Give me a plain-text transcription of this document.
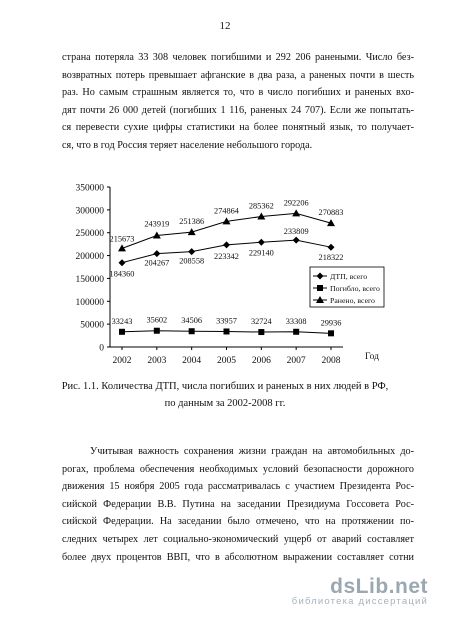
12
страна потеряла 33 308 человек погибшими и 292 206 ранеными. Число без-
возвратных потерь превышает афганские в два раза, а раненых почти в шесть
раз. Но самым страшным является то, что в число погибших и раненых вхо-
дят почти 26 000 детей (погибших 1 116, раненых 24 707). Если же попытать-
ся перевести сухие цифры статистики на более понятный язык, то получает-
ся, что в год Россия теряет население небольшого города.
0
50000
100000
150000
200000
250000
300000
350000
2002 2003 2004 2005 2006 2007 2008	Год
184360
204267 208558
223342 229140
233809
218322
33243 35602 34506 33957 32724 33308 29936
215673
243919 251386
274864
285362 292206
270883
ДТП, всего
Погибло, всего
Ранено, всего
Рис. 1.1. Количества ДТП, числа погибших и раненых в них людей в РФ,
по данным за 2002-2008 гг.
Учитывая важность сохранения жизни граждан на автомобильных до-
рогах, проблема обеспечения необходимых условий безопасности дорожного
движения 15 ноября 2005 года рассматривалась с участием Президента Рос-
сийской Федерации В.В. Путина на заседании Президиума Госсовета Рос-
сийской Федерации. На заседании было отмечено, что на протяжении по-
следних четырех лет социально-экономический ущерб от аварий составляет
более двух процентов ВВП, что в абсолютном выражении составляет сотни
dsLib.net
библиотека диссертаций
